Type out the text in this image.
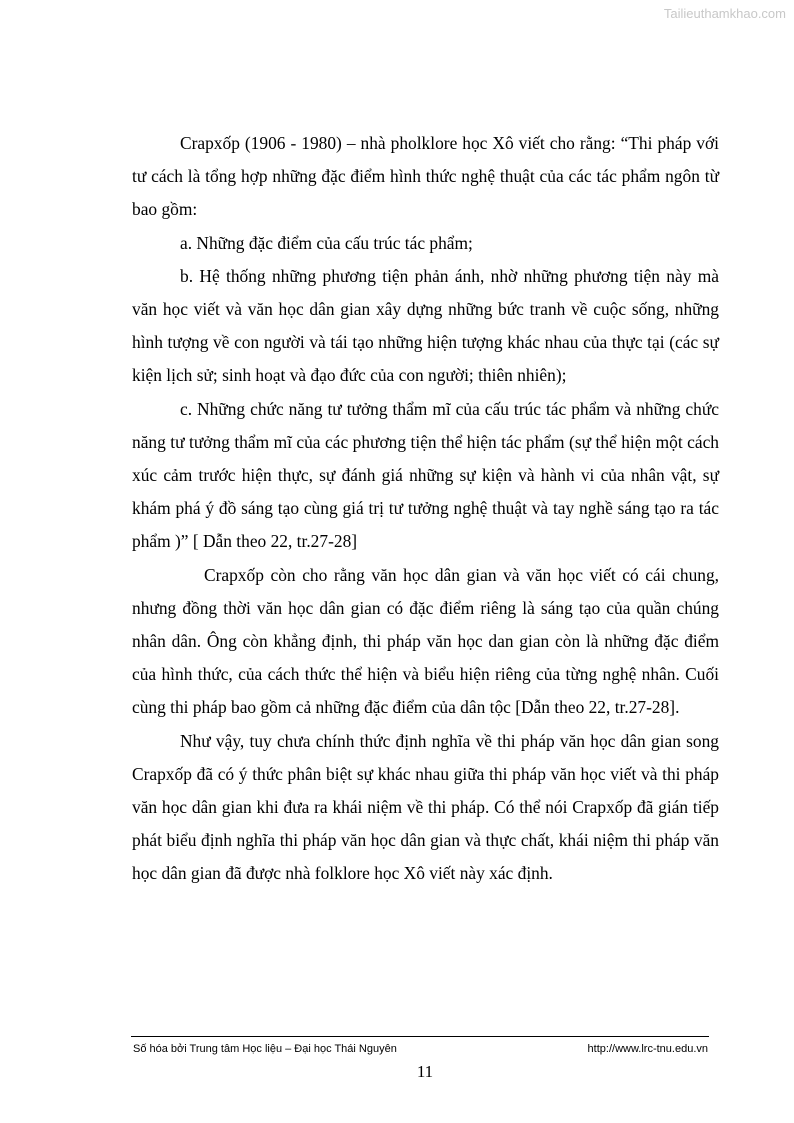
Tailieuthamkhao.com

Crapxốp (1906 - 1980) – nhà pholklore học Xô viết cho rằng: “Thi pháp với tư cách là tổng hợp những đặc điểm hình thức nghệ thuật của các tác phẩm ngôn từ bao gồm:

a. Những đặc điểm của cấu trúc tác phẩm;

b. Hệ thống những phương tiện phản ánh, nhờ những phương tiện này mà văn học viết và văn học dân gian xây dựng những bức tranh về cuộc sống, những hình tượng về con người và tái tạo những hiện tượng khác nhau của thực tại (các sự kiện lịch sử; sinh hoạt và đạo đức của con người; thiên nhiên);

c. Những chức năng tư tưởng thẩm mĩ của cấu trúc tác phẩm và những chức năng tư tưởng thẩm mĩ của các phương tiện thể hiện tác phẩm (sự thể hiện một cách xúc cảm trước hiện thực, sự đánh giá những sự kiện và hành vi của nhân vật, sự khám phá ý đồ sáng tạo cùng giá trị tư tưởng nghệ thuật và tay nghề sáng tạo ra tác phẩm )” [ Dẫn theo 22, tr.27-28]

Crapxốp còn cho rằng văn học dân gian và văn học viết có cái chung, nhưng đồng thời văn học dân gian có đặc điểm riêng là sáng tạo của quần chúng nhân dân. Ông còn khẳng định, thi pháp văn học dan gian còn là những đặc điểm của hình thức, của cách thức thể hiện và biểu hiện riêng của từng nghệ nhân. Cuối cùng thi pháp bao gồm cả những đặc điểm của dân tộc [Dẫn theo 22, tr.27-28].

Như vậy, tuy chưa chính thức định nghĩa về thi pháp văn học dân gian song Crapxốp đã có ý thức phân biệt sự khác nhau giữa thi pháp văn học viết và thi pháp văn học dân gian khi đưa ra khái niệm về thi pháp. Có thể nói Crapxốp đã gián tiếp phát biểu định nghĩa thi pháp văn học dân gian và thực chất, khái niệm thi pháp văn học dân gian đã được nhà folklore học Xô viết này xác định.

Số hóa bởi Trung tâm Học liệu – Đại học Thái Nguyên	http://www.lrc-tnu.edu.vn
11
